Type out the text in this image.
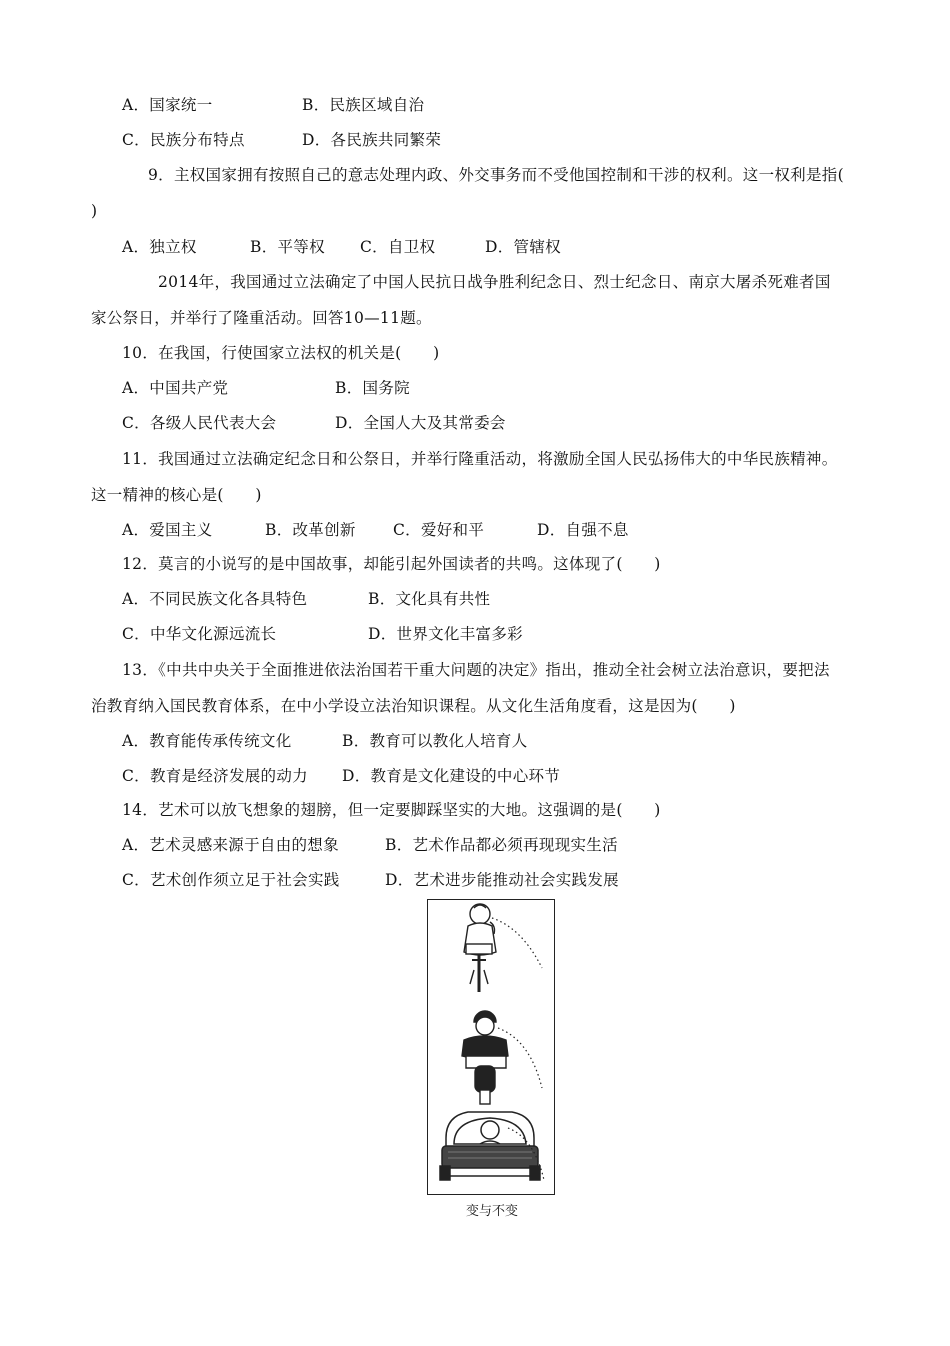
A．国家统一	B．民族区域自治
C．民族分布特点	D．各民族共同繁荣
9．主权国家拥有按照自己的意志处理内政、外交事务而不受他国控制和干涉的权利。这一权利是指(
)
A．独立权	B．平等权 C．自卫权	D．管辖权
2014年，我国通过立法确定了中国人民抗日战争胜利纪念日、烈士纪念日、南京大屠杀死难者国
家公祭日，并举行了隆重活动。回答10—11题。
10．在我国，行使国家立法权的机关是(　　)
A．中国共产党	B．国务院
C．各级人民代表大会	D．全国人大及其常委会
11．我国通过立法确定纪念日和公祭日，并举行隆重活动，将激励全国人民弘扬伟大的中华民族精神。
这一精神的核心是(　　)
A．爱国主义	B．改革创新 C．爱好和平	D．自强不息
12．莫言的小说写的是中国故事，却能引起外国读者的共鸣。这体现了(　　)
A．不同民族文化各具特色	B．文化具有共性
C．中华文化源远流长	D．世界文化丰富多彩
13．《中共中央关于全面推进依法治国若干重大问题的决定》指出，推动全社会树立法治意识，要把法
治教育纳入国民教育体系，在中小学设立法治知识课程。从文化生活角度看，这是因为(　　)
A．教育能传承传统文化	B．教育可以教化人培育人
C．教育是经济发展的动力 D．教育是文化建设的中心环节
14．艺术可以放飞想象的翅膀，但一定要脚踩坚实的大地。这强调的是(　　)
A．艺术灵感来源于自由的想象	B．艺术作品都必须再现现实生活
C．艺术创作须立足于社会实践	D．艺术进步能推动社会实践发展
变与不变
